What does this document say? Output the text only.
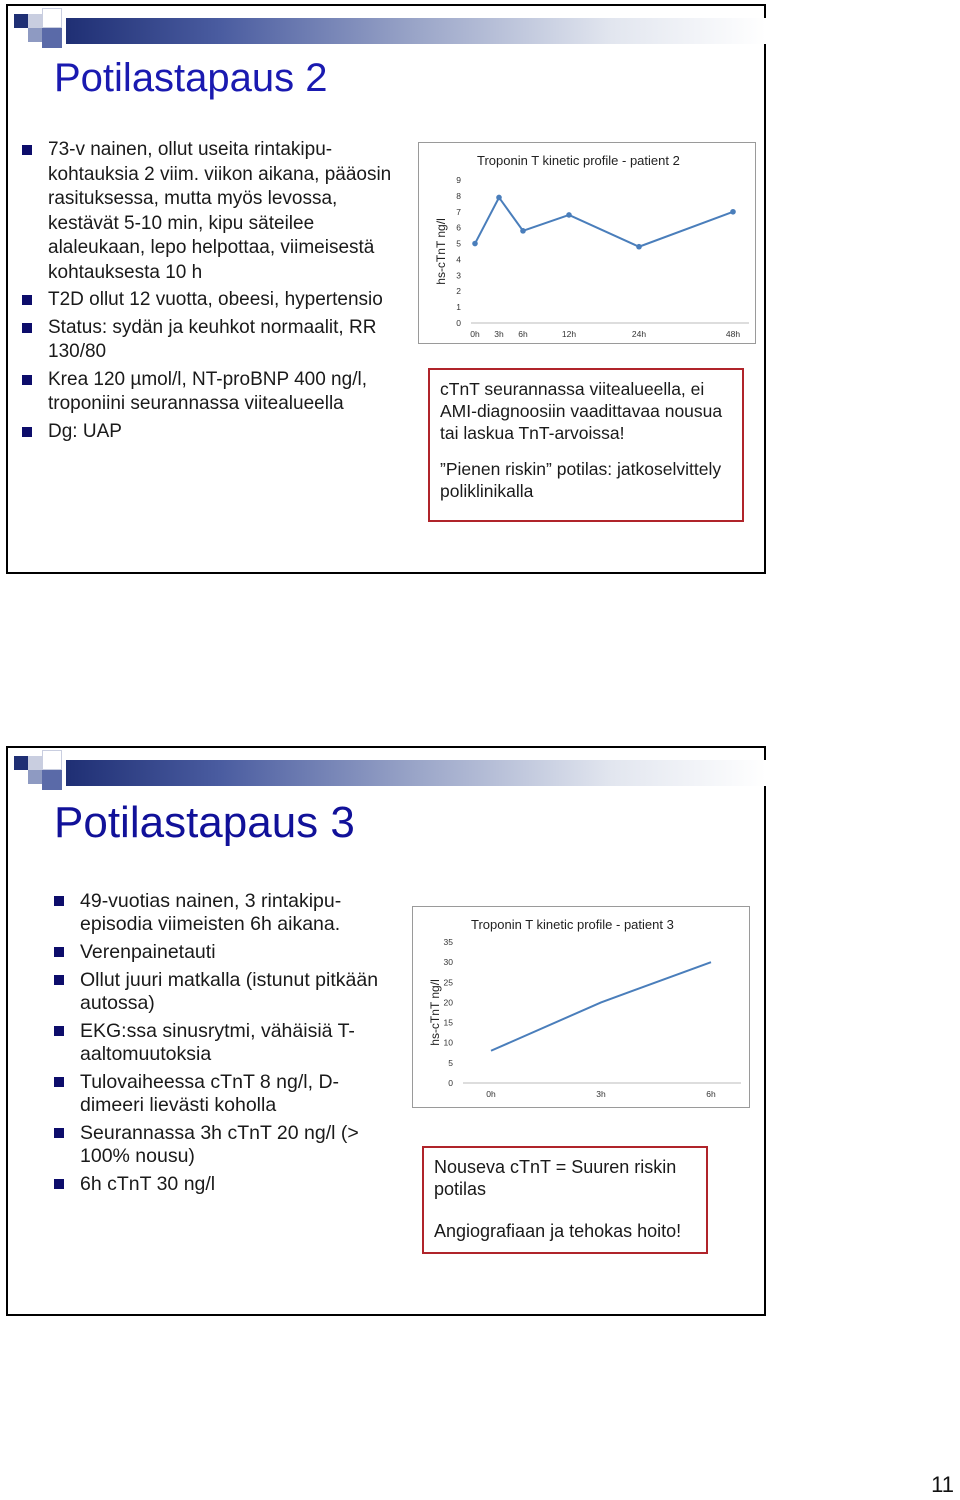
Potilastapaus 2
73-v nainen, ollut useita rintakipu-kohtauksia 2 viim. viikon aikana, pääosin rasituksessa, mutta myös levossa, kestävät 5-10 min, kipu säteilee alaleukaan, lepo helpottaa, viimeisestä kohtauksesta 10 h
T2D ollut 12 vuotta, obeesi, hypertensio
Status: sydän ja keuhkot normaalit, RR 130/80
Krea 120 µmol/l, NT-proBNP 400 ng/l, troponiini seurannassa viitealueella
Dg: UAP
Troponin T kinetic profile - patient 2
hs-cTnT ng/l
0
1
2
3
4
5
6
7
8
9
0h 3h 6h	12h	24h	48h

cTnT seurannassa viitealueella, ei AMI-diagnoosiin vaadittavaa nousua tai laskua TnT-arvoissa!

”Pienen riskin” potilas: jatkoselvittely poliklinikalla

Potilastapaus 3
49-vuotias nainen, 3 rintakipu-episodia viimeisten 6h aikana.
Verenpainetauti
Ollut juuri matkalla (istunut pitkään autossa)
EKG:ssa sinusrytmi, vähäisiä T-aaltomuutoksia
Tulovaiheessa cTnT 8 ng/l, D-dimeeri lievästi koholla
Seurannassa 3h cTnT 20 ng/l (> 100% nousu)
6h cTnT 30 ng/l
Troponin T kinetic profile - patient 3
hs-cTnT ng/l
0
5
10
15
20
25
30
35
0h	3h	6h

Nouseva cTnT = Suuren riskin potilas

Angiografiaan ja tehokas hoito!

11
